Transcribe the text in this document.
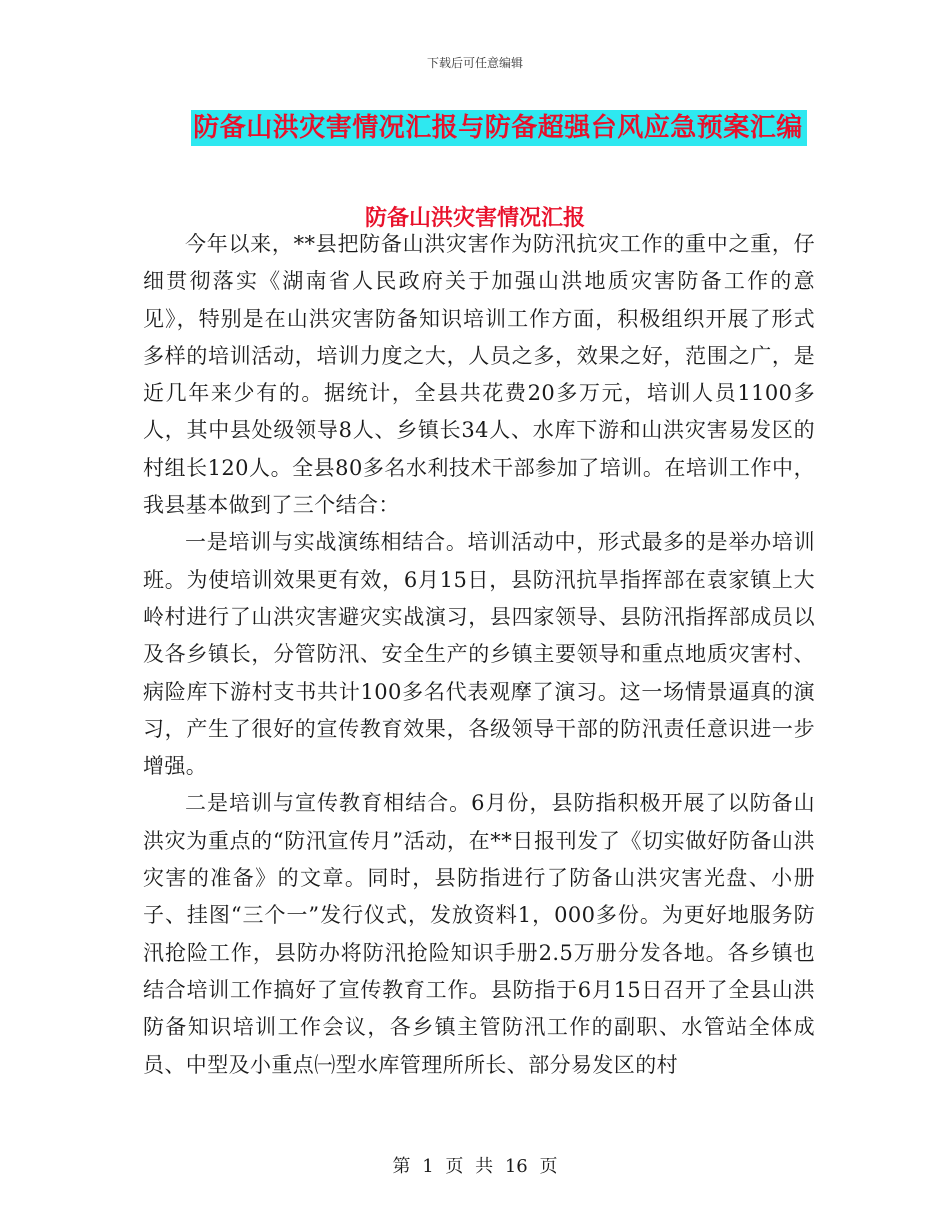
下载后可任意编辑
防备山洪灾害情况汇报与防备超强台风应急预案汇编
防备山洪灾害情况汇报

今年以来，**县把防备山洪灾害作为防汛抗灾工作的重中之重，仔细贯彻落实《湖南省人民政府关于加强山洪地质灾害防备工作的意见》，特别是在山洪灾害防备知识培训工作方面，积极组织开展了形式多样的培训活动，培训力度之大，人员之多，效果之好，范围之广，是近几年来少有的。据统计，全县共花费20多万元，培训人员1100多人，其中县处级领导8人、乡镇长34人、水库下游和山洪灾害易发区的村组长120人。全县80多名水利技术干部参加了培训。在培训工作中，我县基本做到了三个结合：

一是培训与实战演练相结合。培训活动中，形式最多的是举办培训班。为使培训效果更有效，6月15日，县防汛抗旱指挥部在袁家镇上大岭村进行了山洪灾害避灾实战演习，县四家领导、县防汛指挥部成员以及各乡镇长，分管防汛、安全生产的乡镇主要领导和重点地质灾害村、病险库下游村支书共计100多名代表观摩了演习。这一场情景逼真的演习，产生了很好的宣传教育效果，各级领导干部的防汛责任意识进一步增强。

二是培训与宣传教育相结合。6月份，县防指积极开展了以防备山洪灾为重点的“防汛宣传月”活动，在**日报刊发了《切实做好防备山洪灾害的准备》的文章。同时，县防指进行了防备山洪灾害光盘、小册子、挂图“三个一”发行仪式，发放资料1，000多份。为更好地服务防汛抢险工作，县防办将防汛抢险知识手册2.5万册分发各地。各乡镇也结合培训工作搞好了宣传教育工作。县防指于6月15日召开了全县山洪防备知识培训工作会议，各乡镇主管防汛工作的副职、水管站全体成员、中型及小重点㈠型水库管理所所长、部分易发区的村

第 1 页 共 16 页
